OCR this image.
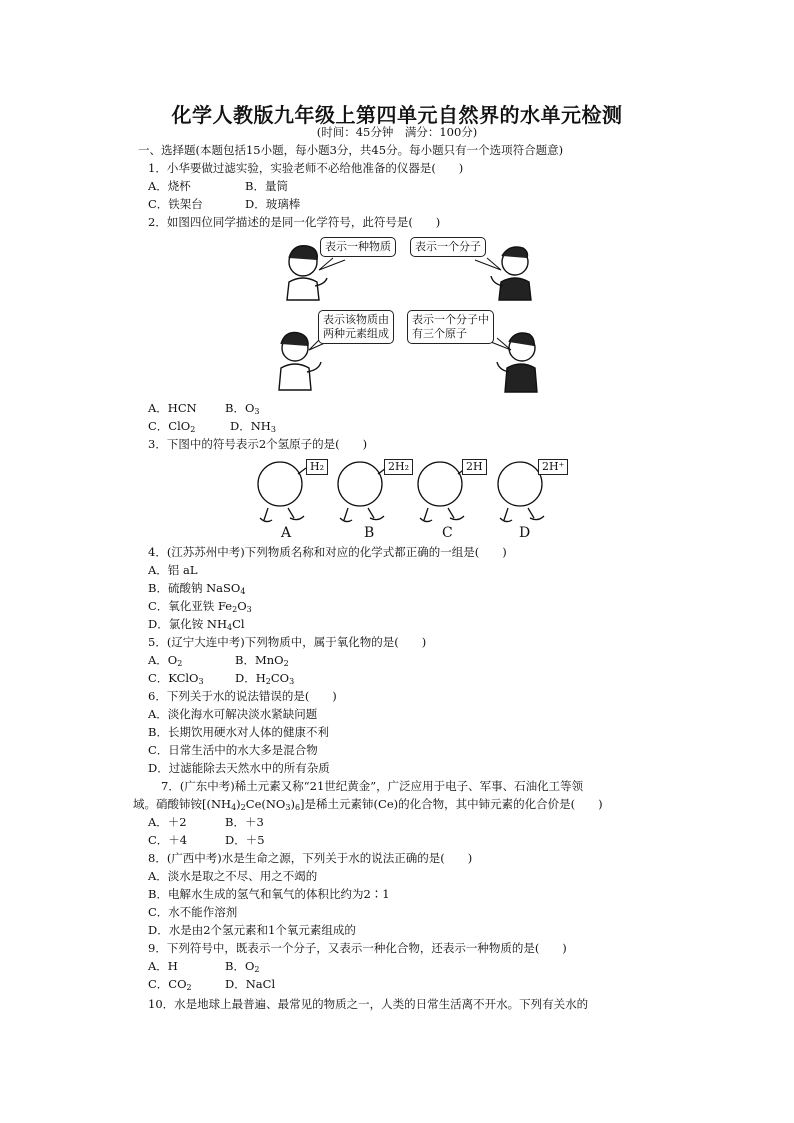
化学人教版九年级上第四单元自然界的水单元检测
(时间：45分钟　满分：100分)
一、选择题(本题包括15小题，每小题3分，共45分。每小题只有一个选项符合题意)
1．小华要做过滤实验，实验老师不必给他准备的仪器是(　　)
A．烧杯	B．量筒
C．铁架台	D．玻璃棒
2．如图四位同学描述的是同一化学符号，此符号是(　　)
表示一种物质	表示一个分子
表示该物质由
两种元素组成
表示一个分子中
有三个原子
A．HCN B．$O_3$
C．ClO$_2$	D．$NH_3$
3．下图中的符号表示2个氢原子的是(　　)
H₂	2H₂	2H	2H⁺
A	B	C	D
4．(江苏苏州中考)下列物质名称和对应的化学式都正确的一组是(　　)
A．铝 aL
B．硫酸钠 NaSO$_4$
C．氧化亚铁 $Fe_2O_3$
D．氯化铵 $NH_4Cl$
5．(辽宁大连中考)下列物质中，属于氧化物的是(　　)
A．$O_2$	B．MnO$_2$
C．KClO$_3$	D．$H_2CO_3$
6．下列关于水的说法错误的是(　　)
A．淡化海水可解决淡水紧缺问题
B．长期饮用硬水对人体的健康不利
C．日常生活中的水大多是混合物
D．过滤能除去天然水中的所有杂质
7．(广东中考)稀土元素又称“21世纪黄金”，广泛应用于电子、军事、石油化工等领
域。硝酸铈铵$[(NH_4)_2Ce(NO_3)_6]$是稀土元素铈(Ce)的化合物，其中铈元素的化合价是(　　)
A．＋2	B．＋3
C．＋4	D．＋5
8．(广西中考)水是生命之源，下列关于水的说法正确的是(　　)
A．淡水是取之不尽、用之不竭的
B．电解水生成的氢气和氧气的体积比约为2∶1
C．水不能作溶剂
D．水是由2个氢元素和1个氧元素组成的
9．下列符号中，既表示一个分子，又表示一种化合物，还表示一种物质的是(　　)
A．H	B．$O_2$
C．$CO_2$	D．NaCl
10．水是地球上最普遍、最常见的物质之一，人类的日常生活离不开水。下列有关水的
